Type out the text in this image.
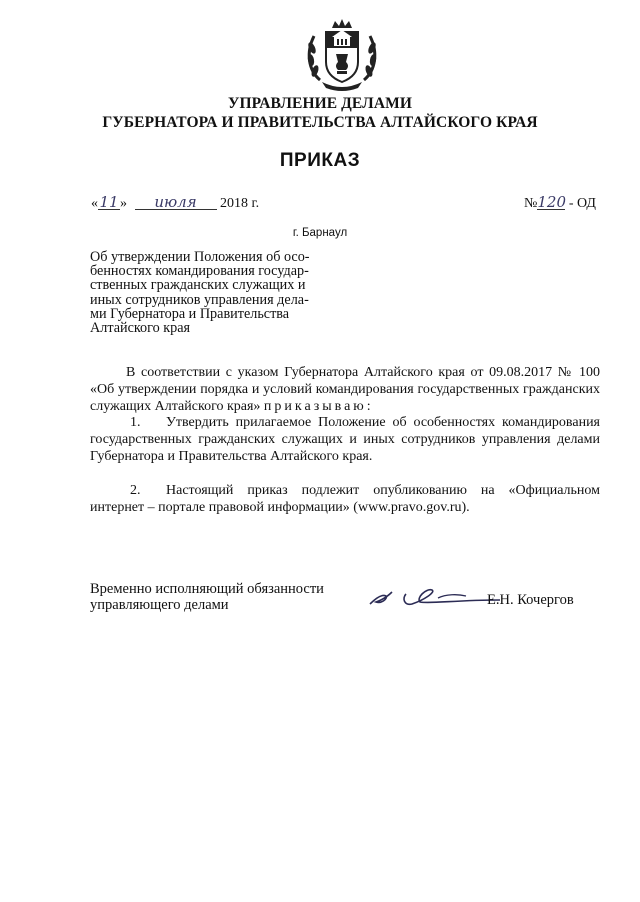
УПРАВЛЕНИЕ ДЕЛАМИ
ГУБЕРНАТОРА И ПРАВИТЕЛЬСТВА АЛТАЙСКОГО КРАЯ
ПРИКАЗ
«11» июля 2018 г.	№120 - ОД
г. Барнаул
Об утверждении Положения об осо-
бенностях командирования государ-
ственных гражданских служащих и
иных сотрудников управления дела-
ми Губернатора и Правительства
Алтайского края
В соответствии с указом Губернатора Алтайского края от 09.08.2017 № 100 «Об утверждении порядка и условий командирования государственных гражданских служащих Алтайского края» приказываю:
1. Утвердить прилагаемое Положение об особенностях командирования государственных гражданских служащих и иных сотрудников управления делами Губернатора и Правительства Алтайского края.
2. Настоящий приказ подлежит опубликованию на «Официальном интернет – портале правовой информации» (www.pravo.gov.ru).
Временно исполняющий обязанности
управляющего делами	Е.Н. Кочергов
